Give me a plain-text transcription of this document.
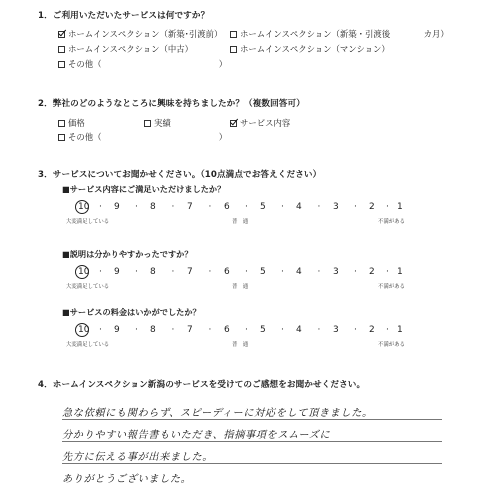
1．ご利用いただいたサービスは何ですか？
ホームインスペクション（新築･引渡前）	ホームインスペクション（新築・引渡後　　　　カ月）
ホームインスペクション（中古）	ホームインスペクション（マンション）
その他（　　　　　　　　　　　　　　）
2．弊社のどのようなところに興味を持ちましたか？（複数回答可）
価格	実績	サービス内容
その他（　　　　　　　　　　　　　　）
3．サービスについてお聞かせください。（10点満点でお答えください）
■サービス内容にご満足いただけましたか？
10 · 9 · 8 · 7 · 6 · 5 · 4 · 3 · 2 · 1
大変満足している	普　通	不満がある
■説明は分かりやすかったですか？
10 · 9 · 8 · 7 · 6 · 5 · 4 · 3 · 2 · 1
大変満足している	普　通	不満がある
■サービスの料金はいかがでしたか？
10 · 9 · 8 · 7 · 6 · 5 · 4 · 3 · 2 · 1
大変満足している	普　通	不満がある
4．ホームインスペクション新潟のサービスを受けてのご感想をお聞かせください。
急な依頼にも関わらず、スピーディーに対応をして頂きました。
分かりやすい報告書もいただき、指摘事項をスムーズに
先方に伝える事が出来ました。
ありがとうございました。
